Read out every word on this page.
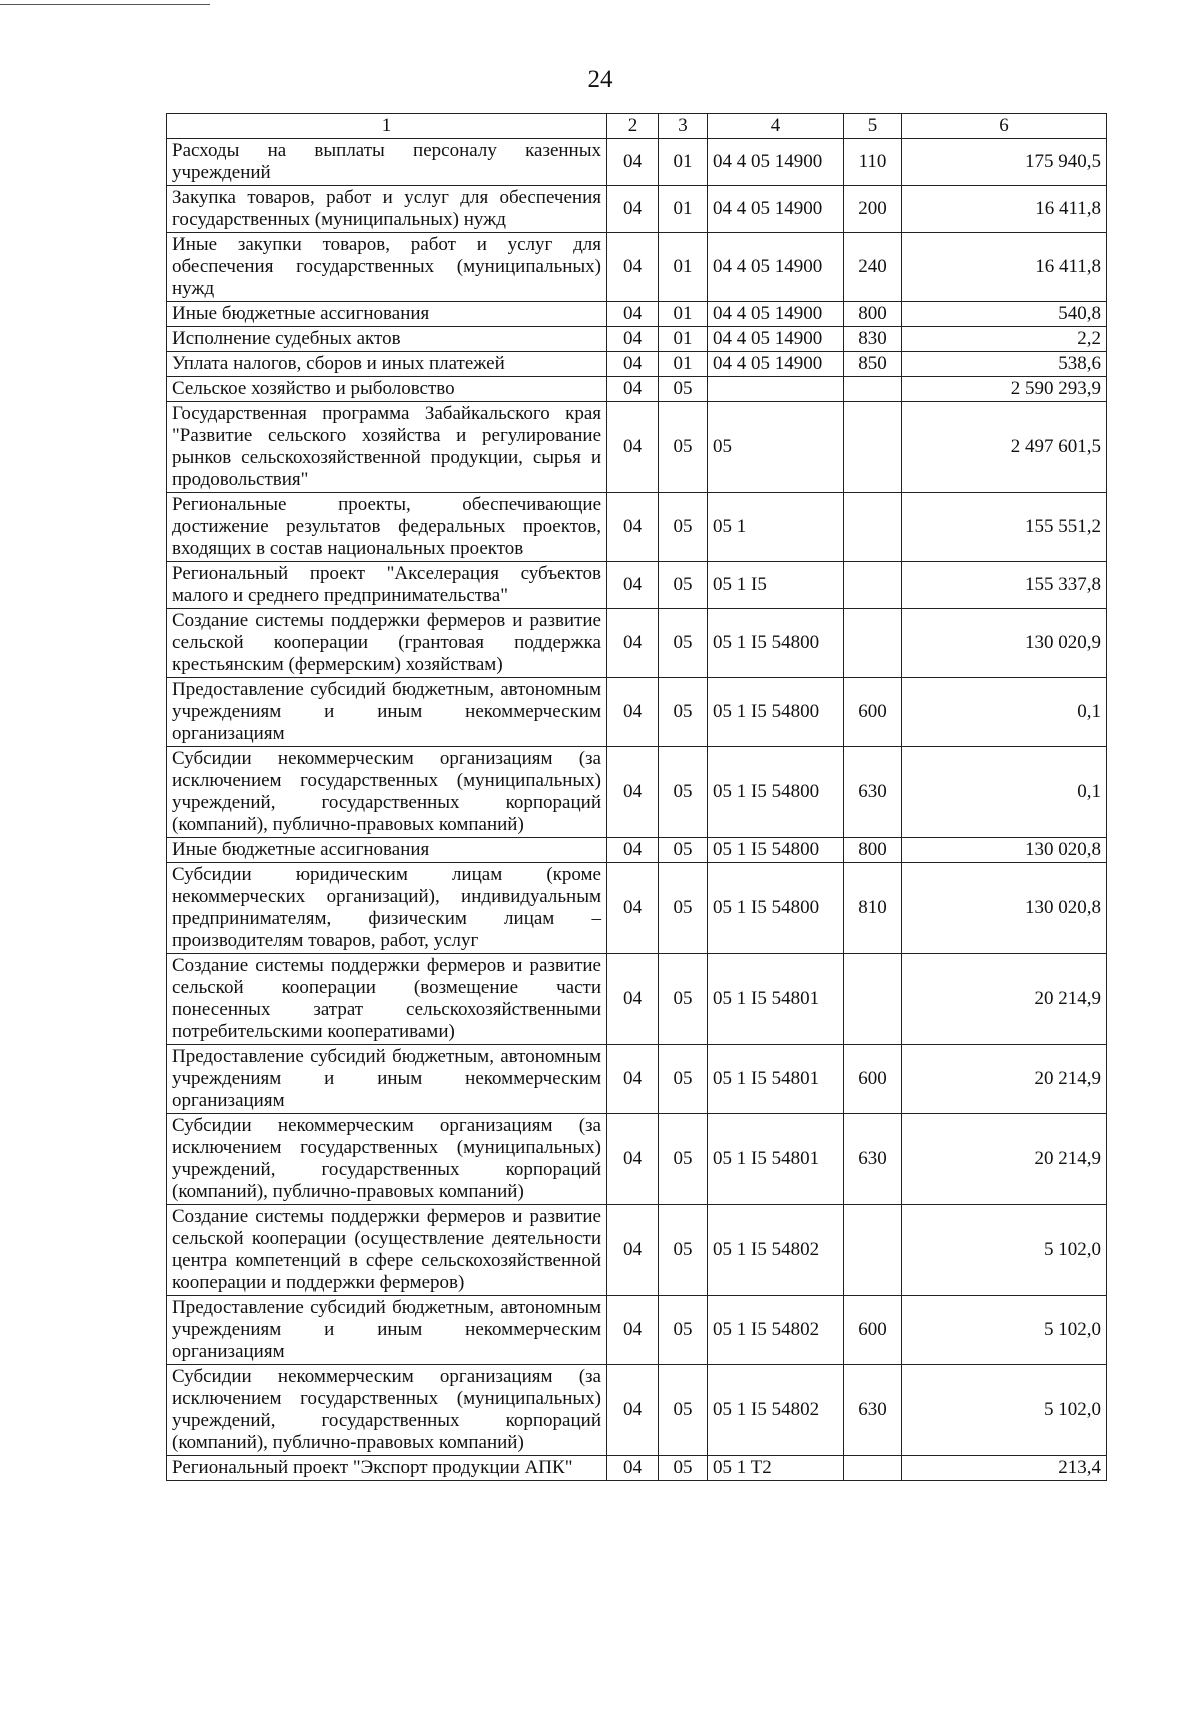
24
1	2	3	4	5	6
Расходы на выплаты персоналу казенных учреждений	04	01	04 4 05 14900	110	175 940,5
Закупка товаров, работ и услуг для обеспечения государственных (муниципальных) нужд	04	01	04 4 05 14900	200	16 411,8
Иные закупки товаров, работ и услуг для обеспечения государственных (муниципальных) нужд	04	01	04 4 05 14900	240	16 411,8
Иные бюджетные ассигнования	04	01	04 4 05 14900	800	540,8
Исполнение судебных актов	04	01	04 4 05 14900	830	2,2
Уплата налогов, сборов и иных платежей	04	01	04 4 05 14900	850	538,6
Сельское хозяйство и рыболовство	04	05			2 590 293,9
Государственная программа Забайкальского края "Развитие сельского хозяйства и регулирование рынков сельскохозяйственной продукции, сырья и продовольствия"	04	05	05		2 497 601,5
Региональные проекты, обеспечивающие достижение результатов федеральных проектов, входящих в состав национальных проектов	04	05	05 1		155 551,2
Региональный проект "Акселерация субъектов малого и среднего предпринимательства"	04	05	05 1 I5		155 337,8
Создание системы поддержки фермеров и развитие сельской кооперации (грантовая поддержка крестьянским (фермерским) хозяйствам)	04	05	05 1 I5 54800		130 020,9
Предоставление субсидий бюджетным, автономным учреждениям и иным некоммерческим организациям	04	05	05 1 I5 54800	600	0,1
Субсидии некоммерческим организациям (за исключением государственных (муниципальных) учреждений, государственных корпораций (компаний), публично-правовых компаний)	04	05	05 1 I5 54800	630	0,1
Иные бюджетные ассигнования	04	05	05 1 I5 54800	800	130 020,8
Субсидии юридическим лицам (кроме некоммерческих организаций), индивидуальным предпринимателям, физическим лицам – производителям товаров, работ, услуг	04	05	05 1 I5 54800	810	130 020,8
Создание системы поддержки фермеров и развитие сельской кооперации (возмещение части понесенных затрат сельскохозяйственными потребительскими кооперативами)	04	05	05 1 I5 54801		20 214,9
Предоставление субсидий бюджетным, автономным учреждениям и иным некоммерческим организациям	04	05	05 1 I5 54801	600	20 214,9
Субсидии некоммерческим организациям (за исключением государственных (муниципальных) учреждений, государственных корпораций (компаний), публично-правовых компаний)	04	05	05 1 I5 54801	630	20 214,9
Создание системы поддержки фермеров и развитие сельской кооперации (осуществление деятельности центра компетенций в сфере сельскохозяйственной кооперации и поддержки фермеров)	04	05	05 1 I5 54802		5 102,0
Предоставление субсидий бюджетным, автономным учреждениям и иным некоммерческим организациям	04	05	05 1 I5 54802	600	5 102,0
Субсидии некоммерческим организациям (за исключением государственных (муниципальных) учреждений, государственных корпораций (компаний), публично-правовых компаний)	04	05	05 1 I5 54802	630	5 102,0
Региональный проект "Экспорт продукции АПК"	04	05	05 1 T2		213,4
